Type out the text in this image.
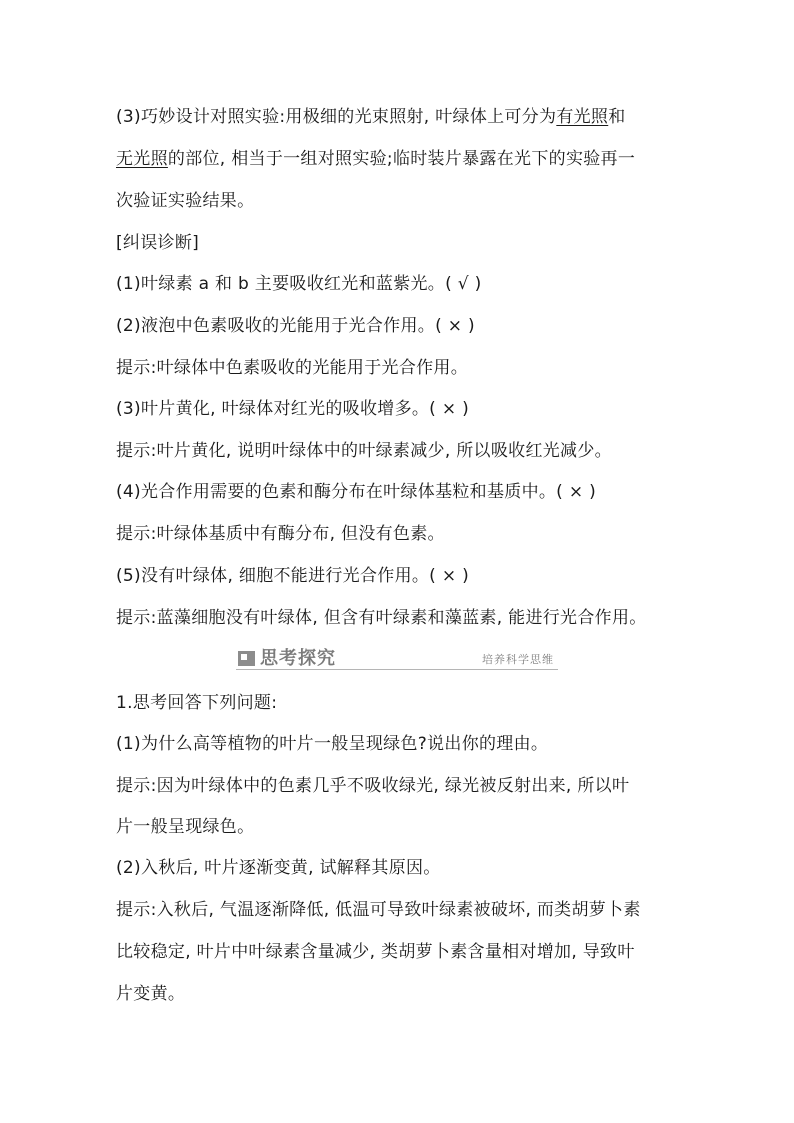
(3)巧妙设计对照实验:用极细的光束照射, 叶绿体上可分为有光照和
无光照的部位, 相当于一组对照实验;临时装片暴露在光下的实验再一
次验证实验结果。
[纠误诊断]
(1)叶绿素 a 和 b 主要吸收红光和蓝紫光。( √ )
(2)液泡中色素吸收的光能用于光合作用。( × )
提示:叶绿体中色素吸收的光能用于光合作用。
(3)叶片黄化, 叶绿体对红光的吸收增多。( × )
提示:叶片黄化, 说明叶绿体中的叶绿素减少, 所以吸收红光减少。
(4)光合作用需要的色素和酶分布在叶绿体基粒和基质中。( × )
提示:叶绿体基质中有酶分布, 但没有色素。
(5)没有叶绿体, 细胞不能进行光合作用。( × )
提示:蓝藻细胞没有叶绿体, 但含有叶绿素和藻蓝素, 能进行光合作用。
思考探究	培养科学思维
1.思考回答下列问题:
(1)为什么高等植物的叶片一般呈现绿色?说出你的理由。
提示:因为叶绿体中的色素几乎不吸收绿光, 绿光被反射出来, 所以叶
片一般呈现绿色。
(2)入秋后, 叶片逐渐变黄, 试解释其原因。
提示:入秋后, 气温逐渐降低, 低温可导致叶绿素被破坏, 而类胡萝卜素
比较稳定, 叶片中叶绿素含量减少, 类胡萝卜素含量相对增加, 导致叶
片变黄。
